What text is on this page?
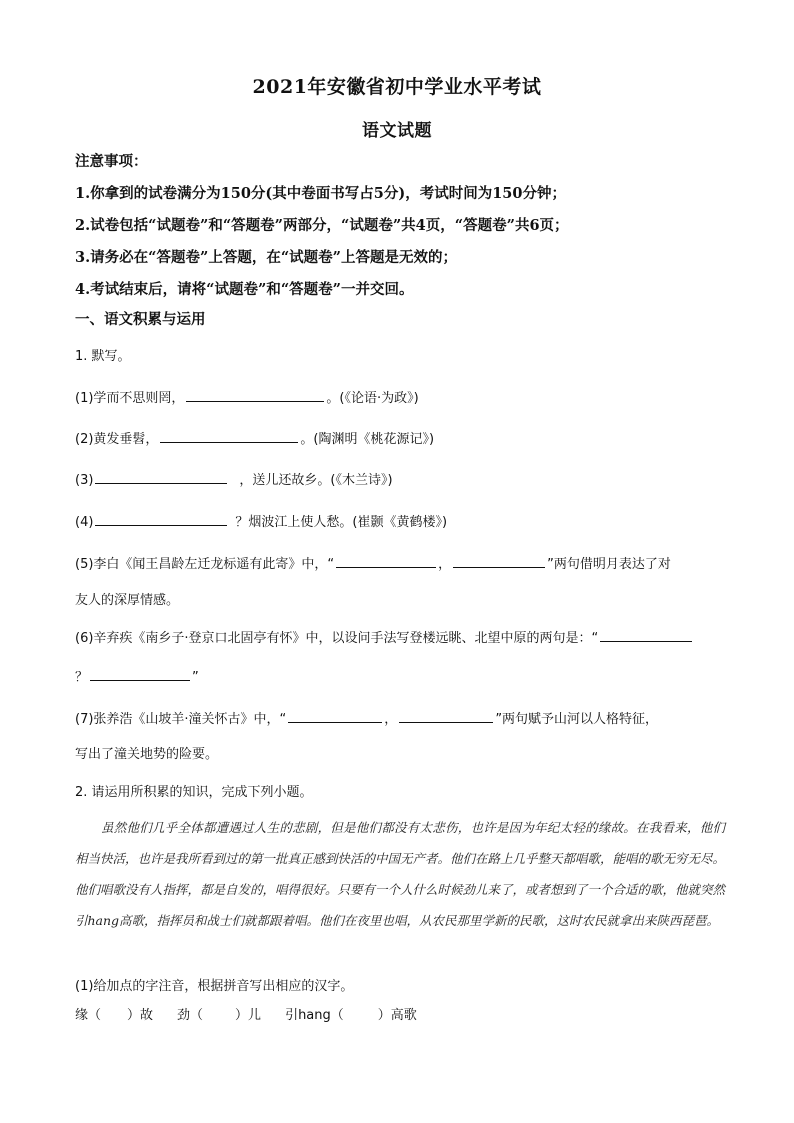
2021年安徽省初中学业水平考试
语文试题
注意事项：
1.你拿到的试卷满分为150分(其中卷面书写占5分)，考试时间为150分钟；
2.试卷包括“试题卷”和“答题卷”两部分，“试题卷”共4页，“答题卷”共6页；
3.请务必在“答题卷”上答题，在“试题卷”上答题是无效的；
4.考试结束后，请将“试题卷”和“答题卷”一并交回。
一、语文积累与运用
1. 默写。
(1)学而不思则罔，	。(《论语·为政》)
(2)黄发垂髫，	。(陶渊明《桃花源记》)
(3)	，送儿还故乡。(《木兰诗》)
(4)	？烟波江上使人愁。(崔颢《黄鹤楼》)
(5)李白《闻王昌龄左迁龙标遥有此寄》中，“	，	”两句借明月表达了对
友人的深厚情感。
(6)辛弃疾《南乡子·登京口北固亭有怀》中，以设问手法写登楼远眺、北望中原的两句是：“
？	”
(7)张养浩《山坡羊·潼关怀古》中，“	，	”两句赋予山河以人格特征，
写出了潼关地势的险要。
2. 请运用所积累的知识，完成下列小题。

虽然他们几乎全体都遭遇过人生的悲剧，但是他们都没有太悲伤，也许是因为年纪太轻的缘故。在我看来，他们相当快活，也许是我所看到过的第一批真正感到快活的中国无产者。他们在路上几乎整天都唱歌，能唱的歌无穷无尽。他们唱歌没有人指挥，都是自发的，唱得很好。只要有一个人什么时候劲儿来了，或者想到了一个合适的歌，他就突然引hang高歌，指挥员和战士们就都跟着唱。他们在夜里也唱，从农民那里学新的民歌，这时农民就拿出来陕西琵琶。

(1)给加点的字注音，根据拼音写出相应的汉字。
缘（ ）故 劲（ ）儿 引hang（	）高歌
